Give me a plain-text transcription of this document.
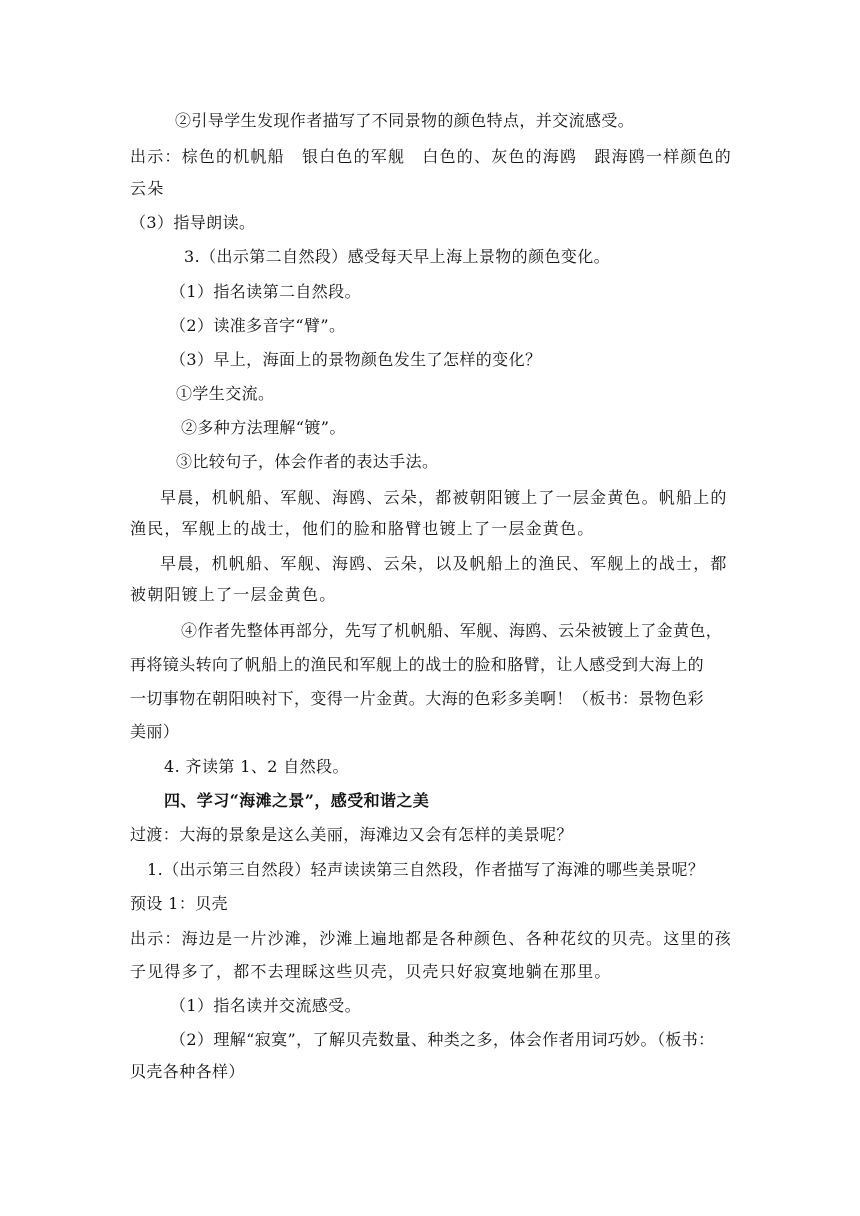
②引导学生发现作者描写了不同景物的颜色特点，并交流感受。
出示：棕色的机帆船　银白色的军舰　白色的、灰色的海鸥　跟海鸥一样颜色的
云朵
（3）指导朗读。
3.（出示第二自然段）感受每天早上海上景物的颜色变化。
（1）指名读第二自然段。
（2）读准多音字“臂”。
（3）早上，海面上的景物颜色发生了怎样的变化？
①学生交流。
②多种方法理解“镀”。
③比较句子，体会作者的表达手法。
早晨，机帆船、军舰、海鸥、云朵，都被朝阳镀上了一层金黄色。帆船上的
渔民，军舰上的战士，他们的脸和胳臂也镀上了一层金黄色。
早晨，机帆船、军舰、海鸥、云朵，以及帆船上的渔民、军舰上的战士，都
被朝阳镀上了一层金黄色。
④作者先整体再部分，先写了机帆船、军舰、海鸥、云朵被镀上了金黄色，
再将镜头转向了帆船上的渔民和军舰上的战士的脸和胳臂，让人感受到大海上的
一切事物在朝阳映衬下，变得一片金黄。大海的色彩多美啊！（板书：景物色彩
美丽）
4. 齐读第 1、2 自然段。
四、学习“海滩之景”，感受和谐之美
过渡：大海的景象是这么美丽，海滩边又会有怎样的美景呢？
1.（出示第三自然段）轻声读读第三自然段，作者描写了海滩的哪些美景呢？
预设 1：贝壳
出示：海边是一片沙滩，沙滩上遍地都是各种颜色、各种花纹的贝壳。这里的孩
子见得多了，都不去理睬这些贝壳，贝壳只好寂寞地躺在那里。
（1）指名读并交流感受。
（2）理解“寂寞”，了解贝壳数量、种类之多，体会作者用词巧妙。（板书：
贝壳各种各样）
